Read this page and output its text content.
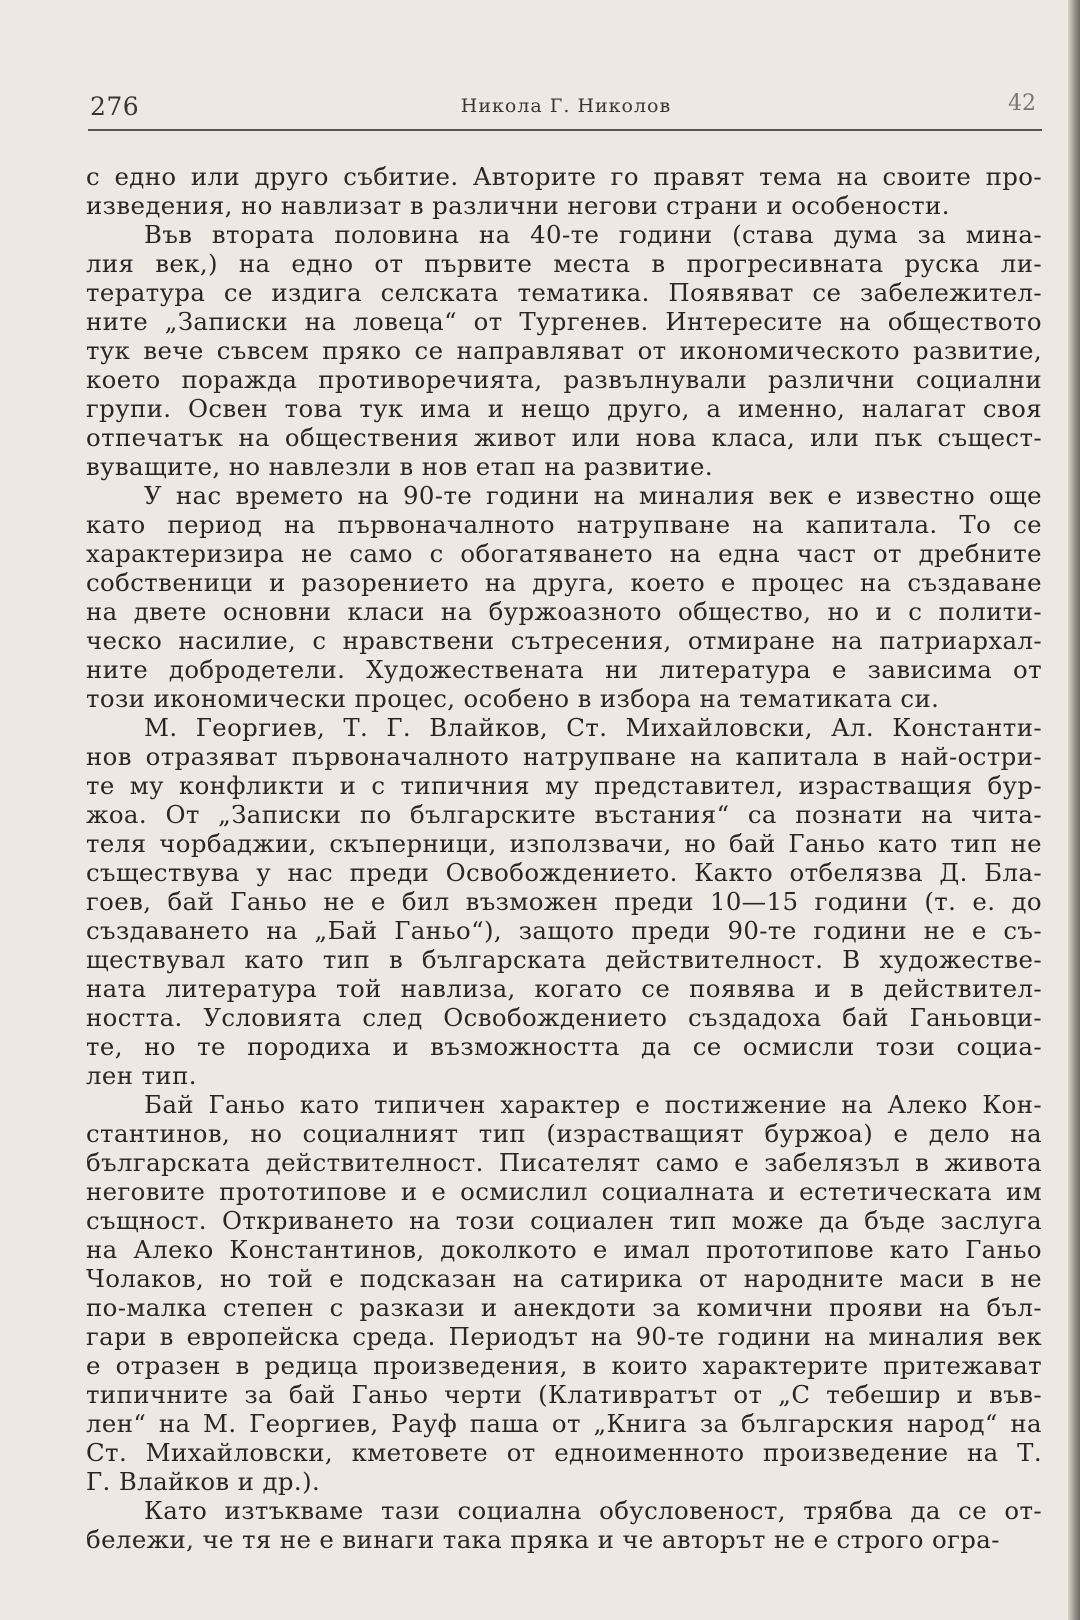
276	Никола Г. Николов	42
с едно или друго събитие. Авторите го правят тема на своите про-
изведения, но навлизат в различни негови страни и особености.
Във втората половина на 40-те години (става дума за мина-
лия век,) на едно от първите места в прогресивната руска ли-
тература се издига селската тематика. Появяват се забележител-
ните „Записки на ловеца“ от Тургенев. Интересите на обществото
тук вече съвсем пряко се направляват от икономическото развитие,
което поражда противоречията, развълнували различни социални
групи. Освен това тук има и нещо друго, а именно, налагат своя
отпечатък на обществения живот или нова класа, или пък същест-
вуващите, но навлезли в нов етап на развитие.
У нас времето на 90-те години на миналия век е известно още
като период на първоначалното натрупване на капитала. То се
характеризира не само с обогатяването на една част от дребните
собственици и разорението на друга, което е процес на създаване
на двете основни класи на буржоазното общество, но и с полити-
ческо насилие, с нравствени сътресения, отмиране на патриархал-
ните добродетели. Художествената ни литература е зависима от
този икономически процес, особено в избора на тематиката си.
М. Георгиев, Т. Г. Влайков, Ст. Михайловски, Ал. Константи-
нов отразяват първоначалното натрупване на капитала в най-остри-
те му конфликти и с типичния му представител, израстващия бур-
жоа. От „Записки по българските въстания“ са познати на чита-
теля чорбаджии, скъперници, използвачи, но бай Ганьо като тип не
съществува у нас преди Освобождението. Както отбелязва Д. Бла-
гоев, бай Ганьо не е бил възможен преди 10—15 години (т. е. до
създаването на „Бай Ганьо“), защото преди 90-те години не е съ-
ществувал като тип в българската действителност. В художестве-
ната литература той навлиза, когато се появява и в действител-
ността. Условията след Освобождението създадоха бай Ганьовци-
те, но те породиха и възможността да се осмисли този социа-
лен тип.
Бай Ганьо като типичен характер е постижение на Алеко Кон-
стантинов, но социалният тип (израстващият буржоа) е дело на
българската действителност. Писателят само е забелязъл в живота
неговите прототипове и е осмислил социалната и естетическата им
същност. Откриването на този социален тип може да бъде заслуга
на Алеко Константинов, доколкото е имал прототипове като Ганьо
Чолаков, но той е подсказан на сатирика от народните маси в не
по-малка степен с разкази и анекдоти за комични прояви на бъл-
гари в европейска среда. Периодът на 90-те години на миналия век
е отразен в редица произведения, в които характерите притежават
типичните за бай Ганьо черти (Клативратът от „С тебешир и във-
лен“ на М. Георгиев, Рауф паша от „Книга за българския народ“ на
Ст. Михайловски, кметовете от едноименното произведение на Т.
Г. Влайков и др.).
Като изтъкваме тази социална обусловеност, трябва да се от-
бележи, че тя не е винаги така пряка и че авторът не е строго огра-
